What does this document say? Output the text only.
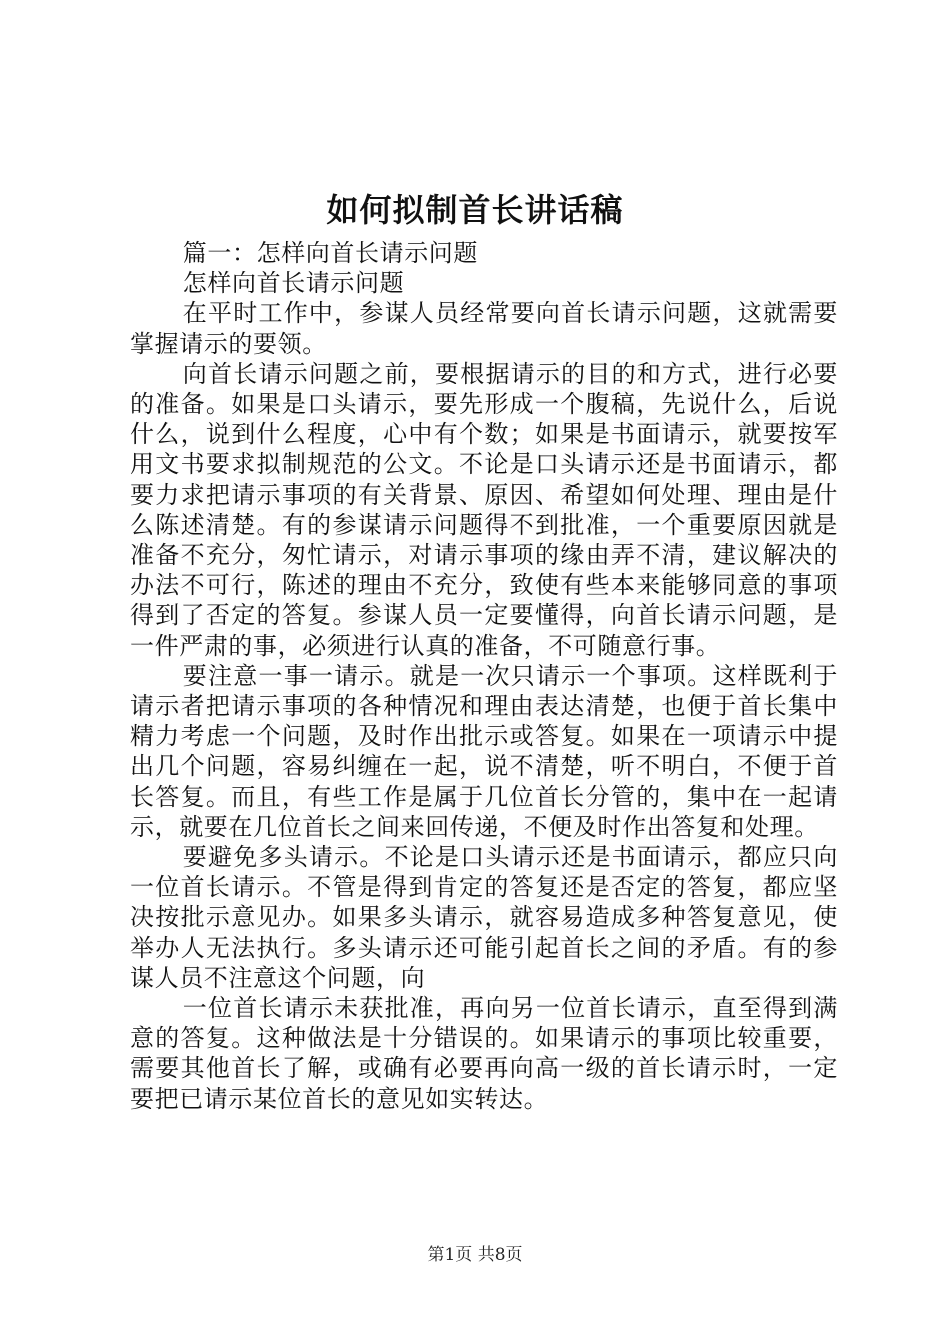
如何拟制首长讲话稿

篇一：怎样向首长请示问题

怎样向首长请示问题

在平时工作中，参谋人员经常要向首长请示问题，这就需要掌握请示的要领。

向首长请示问题之前，要根据请示的目的和方式，进行必要的准备。如果是口头请示，要先形成一个腹稿，先说什么，后说什么，说到什么程度，心中有个数；如果是书面请示，就要按军用文书要求拟制规范的公文。不论是口头请示还是书面请示，都要力求把请示事项的有关背景、原因、希望如何处理、理由是什么陈述清楚。有的参谋请示问题得不到批准，一个重要原因就是准备不充分，匆忙请示，对请示事项的缘由弄不清，建议解决的办法不可行，陈述的理由不充分，致使有些本来能够同意的事项得到了否定的答复。参谋人员一定要懂得，向首长请示问题，是一件严肃的事，必须进行认真的准备，不可随意行事。

要注意一事一请示。就是一次只请示一个事项。这样既利于请示者把请示事项的各种情况和理由表达清楚，也便于首长集中精力考虑一个问题，及时作出批示或答复。如果在一项请示中提出几个问题，容易纠缠在一起，说不清楚，听不明白，不便于首长答复。而且，有些工作是属于几位首长分管的，集中在一起请示，就要在几位首长之间来回传递，不便及时作出答复和处理。

要避免多头请示。不论是口头请示还是书面请示，都应只向一位首长请示。不管是得到肯定的答复还是否定的答复，都应坚决按批示意见办。如果多头请示，就容易造成多种答复意见，使举办人无法执行。多头请示还可能引起首长之间的矛盾。有的参谋人员不注意这个问题，向

一位首长请示未获批准，再向另一位首长请示，直至得到满意的答复。这种做法是十分错误的。如果请示的事项比较重要，需要其他首长了解，或确有必要再向高一级的首长请示时，一定要把已请示某位首长的意见如实转达。

第1页 共8页
